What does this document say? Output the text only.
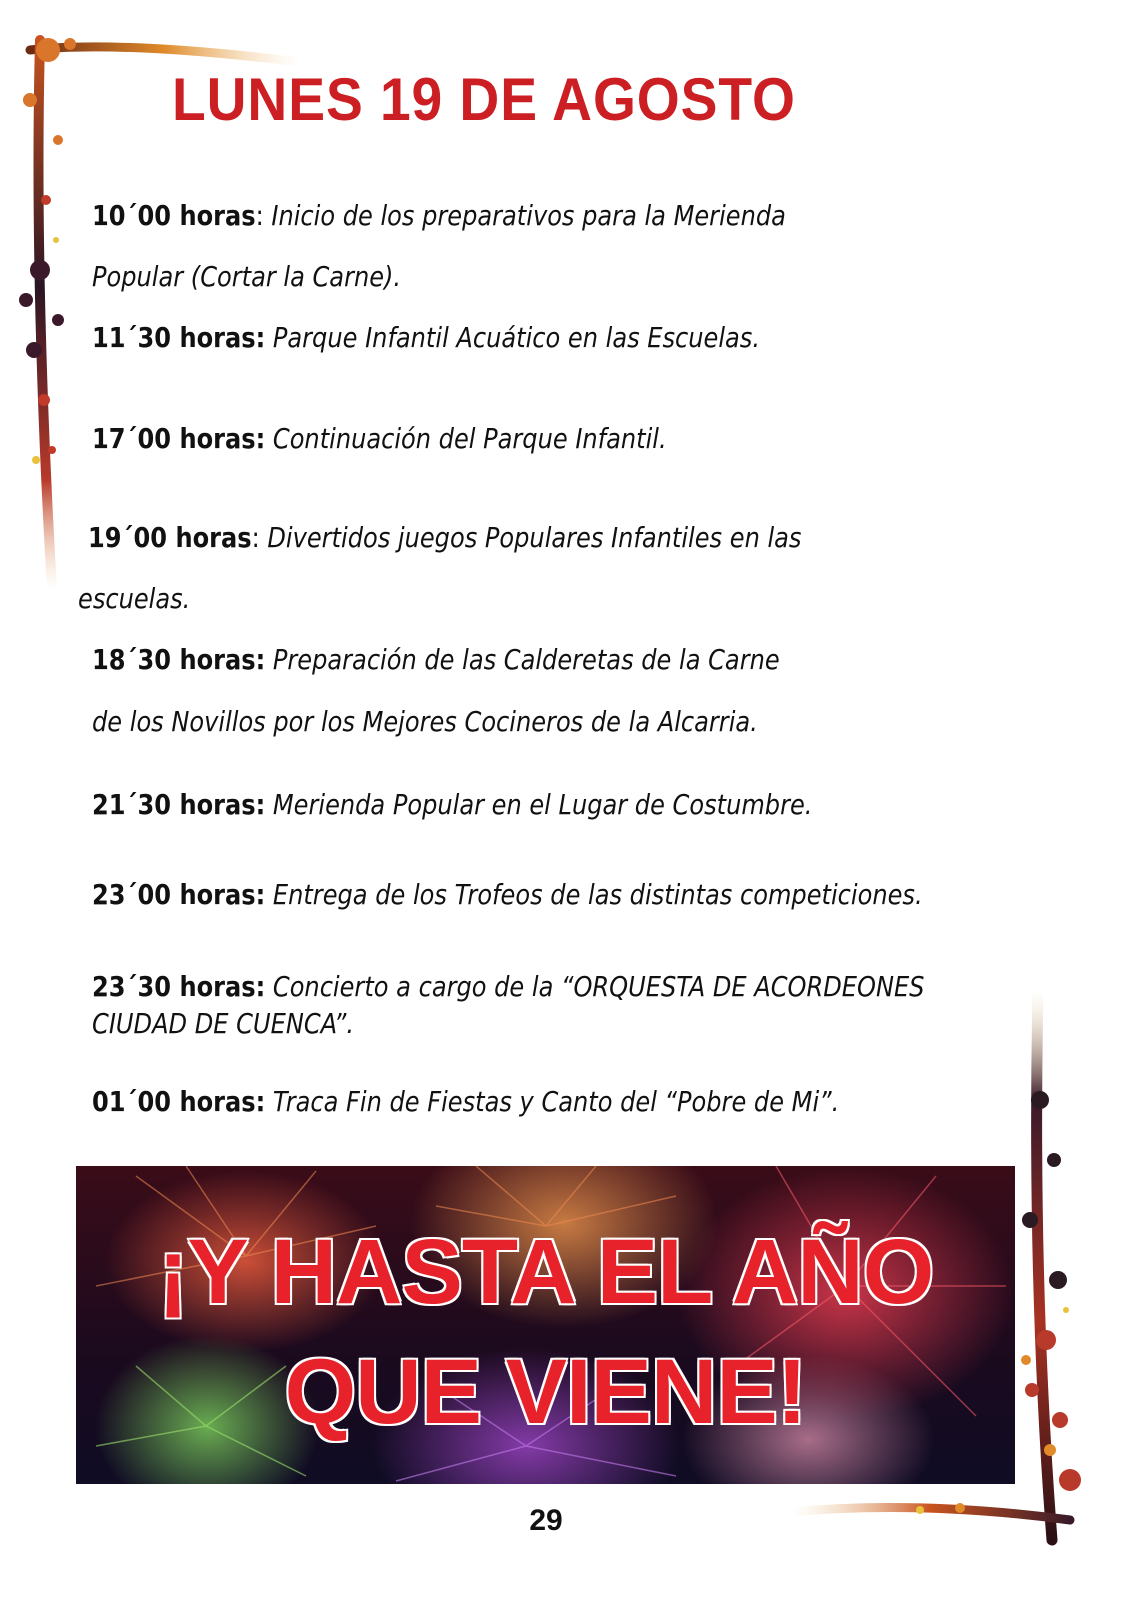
LUNES 19 DE AGOSTO
10´00 horas: Inicio de los preparativos para la Merienda
Popular (Cortar la Carne).
11´30 horas: Parque Infantil Acuático en las Escuelas.
17´00 horas: Continuación del Parque Infantil.
19´00 horas: Divertidos juegos Populares Infantiles en las
escuelas.
18´30 horas: Preparación de las Calderetas de la Carne
de los Novillos por los Mejores Cocineros de la Alcarria.
21´30 horas: Merienda Popular en el Lugar de Costumbre.
23´00 horas: Entrega de los Trofeos de las distintas competiciones.
23´30 horas: Concierto a cargo de la “ORQUESTA DE ACORDEONES
CIUDAD DE CUENCA”.
01´00 horas: Traca Fin de Fiestas y Canto del “Pobre de Mi”.
¡Y HASTA EL AÑO
QUE VIENE!
29
